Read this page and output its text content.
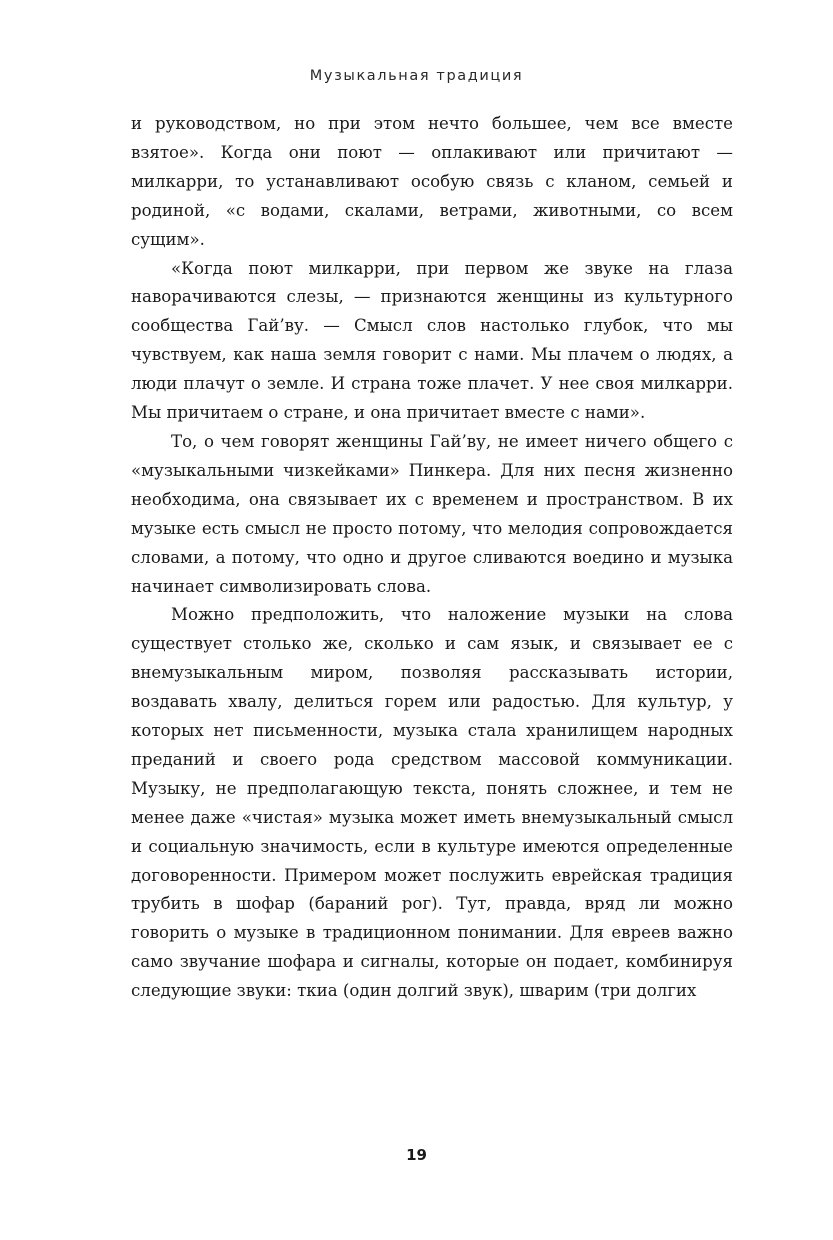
Музыкальная традиция

и руководством, но при этом нечто большее, чем все вместе взятое». Когда они поют — оплакивают или причитают — милкарри, то устанавливают особую связь с кланом, семьей и родиной, «с водами, скалами, ветрами, животными, со всем сущим».

«Когда поют милкарри, при первом же звуке на глаза наворачиваются слезы, — признаются женщины из культурного сообщества Гай’ву. — Смысл слов настолько глубок, что мы чувствуем, как наша земля говорит с нами. Мы плачем о людях, а люди плачут о земле. И страна тоже плачет. У нее своя милкарри. Мы причитаем о стране, и она причитает вместе с нами».

То, о чем говорят женщины Гай’ву, не имеет ничего общего с «музыкальными чизкейками» Пинкера. Для них песня жизненно необходима, она связывает их с временем и пространством. В их музыке есть смысл не просто потому, что мелодия сопровождается словами, а потому, что одно и другое сливаются воедино и музыка начинает символизировать слова.

Можно предположить, что наложение музыки на слова существует столько же, сколько и сам язык, и связывает ее с внемузыкальным миром, позволяя рассказывать истории, воздавать хвалу, делиться горем или радостью. Для культур, у которых нет письменности, музыка стала хранилищем народных преданий и своего рода средством массовой коммуникации. Музыку, не предполагающую текста, понять сложнее, и тем не менее даже «чистая» музыка может иметь внемузыкальный смысл и социальную значимость, если в культуре имеются определенные договоренности. Примером может послужить еврейская традиция трубить в шофар (бараний рог). Тут, правда, вряд ли можно говорить о музыке в традиционном понимании. Для евреев важно само звучание шофара и сигналы, которые он подает, комбинируя следующие звуки: ткиа (один долгий звук), шварим (три долгих

19
